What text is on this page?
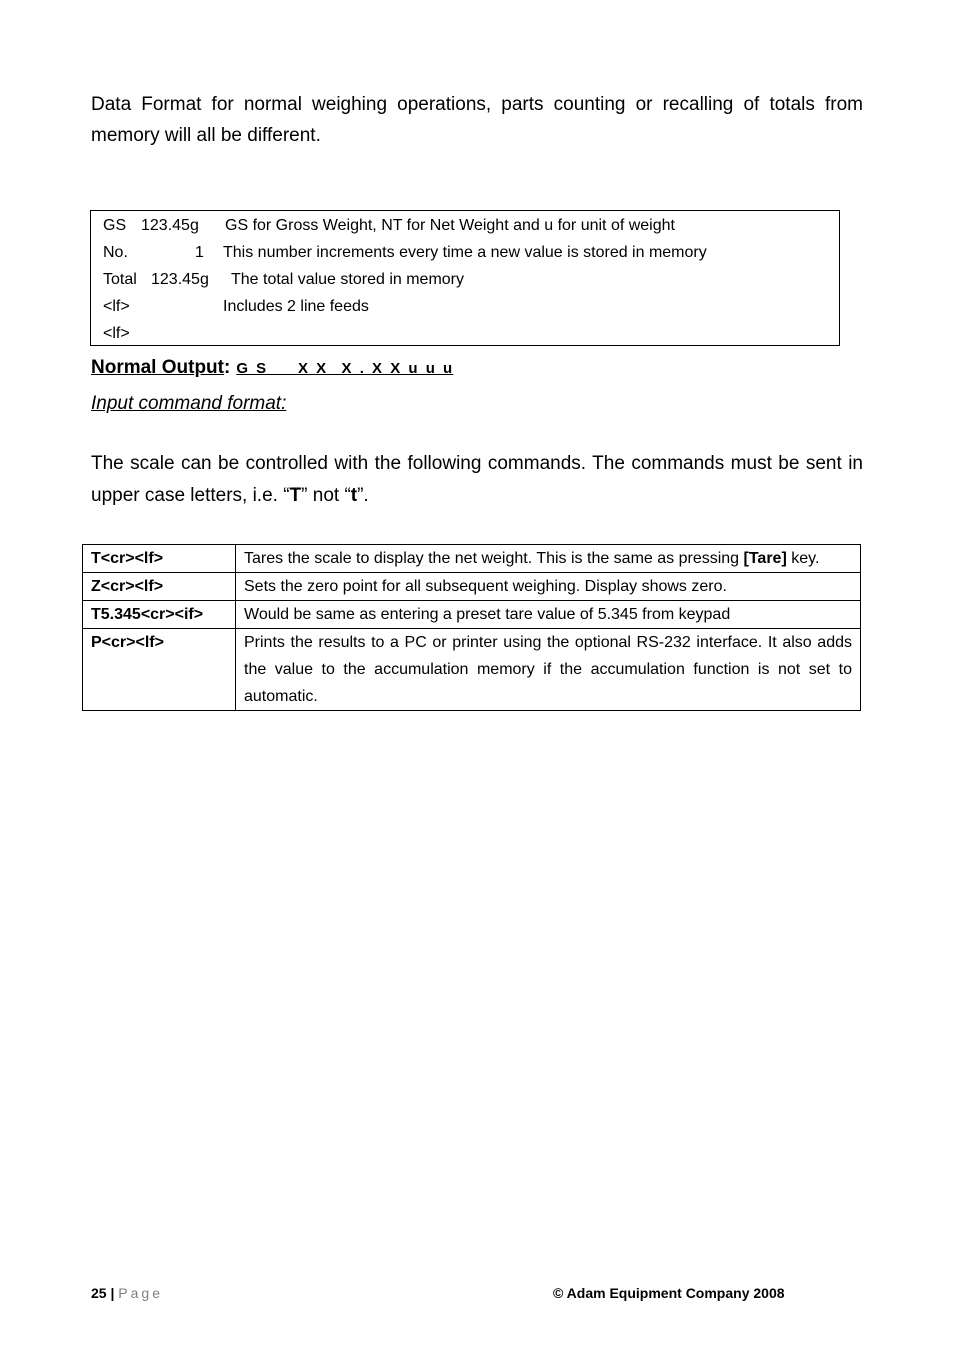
Data Format for normal weighing operations, parts counting or recalling of totals from memory will all be different.
GS 123.45g GS for Gross Weight, NT for Net Weight and u for unit of weight
No.	1 This number increments every time a new value is stored in memory
Total 123.45g The total value stored in memory
<lf>	Includes 2 line feeds
<lf>
Normal Output: G S _  X X  X . X X u u u
Input command format:
The scale can be controlled with the following commands. The commands must be sent in upper case letters, i.e. “T” not “t”.
T<cr><lf>	Tares the scale to display the net weight. This is the same as pressing [Tare] key.
Z<cr><lf>	Sets the zero point for all subsequent weighing. Display shows zero.
T5.345<cr><if>	Would be same as entering a preset tare value of 5.345 from keypad
P<cr><lf>	Prints the results to a PC or printer using the optional RS-232 interface. It also adds the value to the accumulation memory if the accumulation function is not set to automatic.
25 | Page	© Adam Equipment Company 2008
